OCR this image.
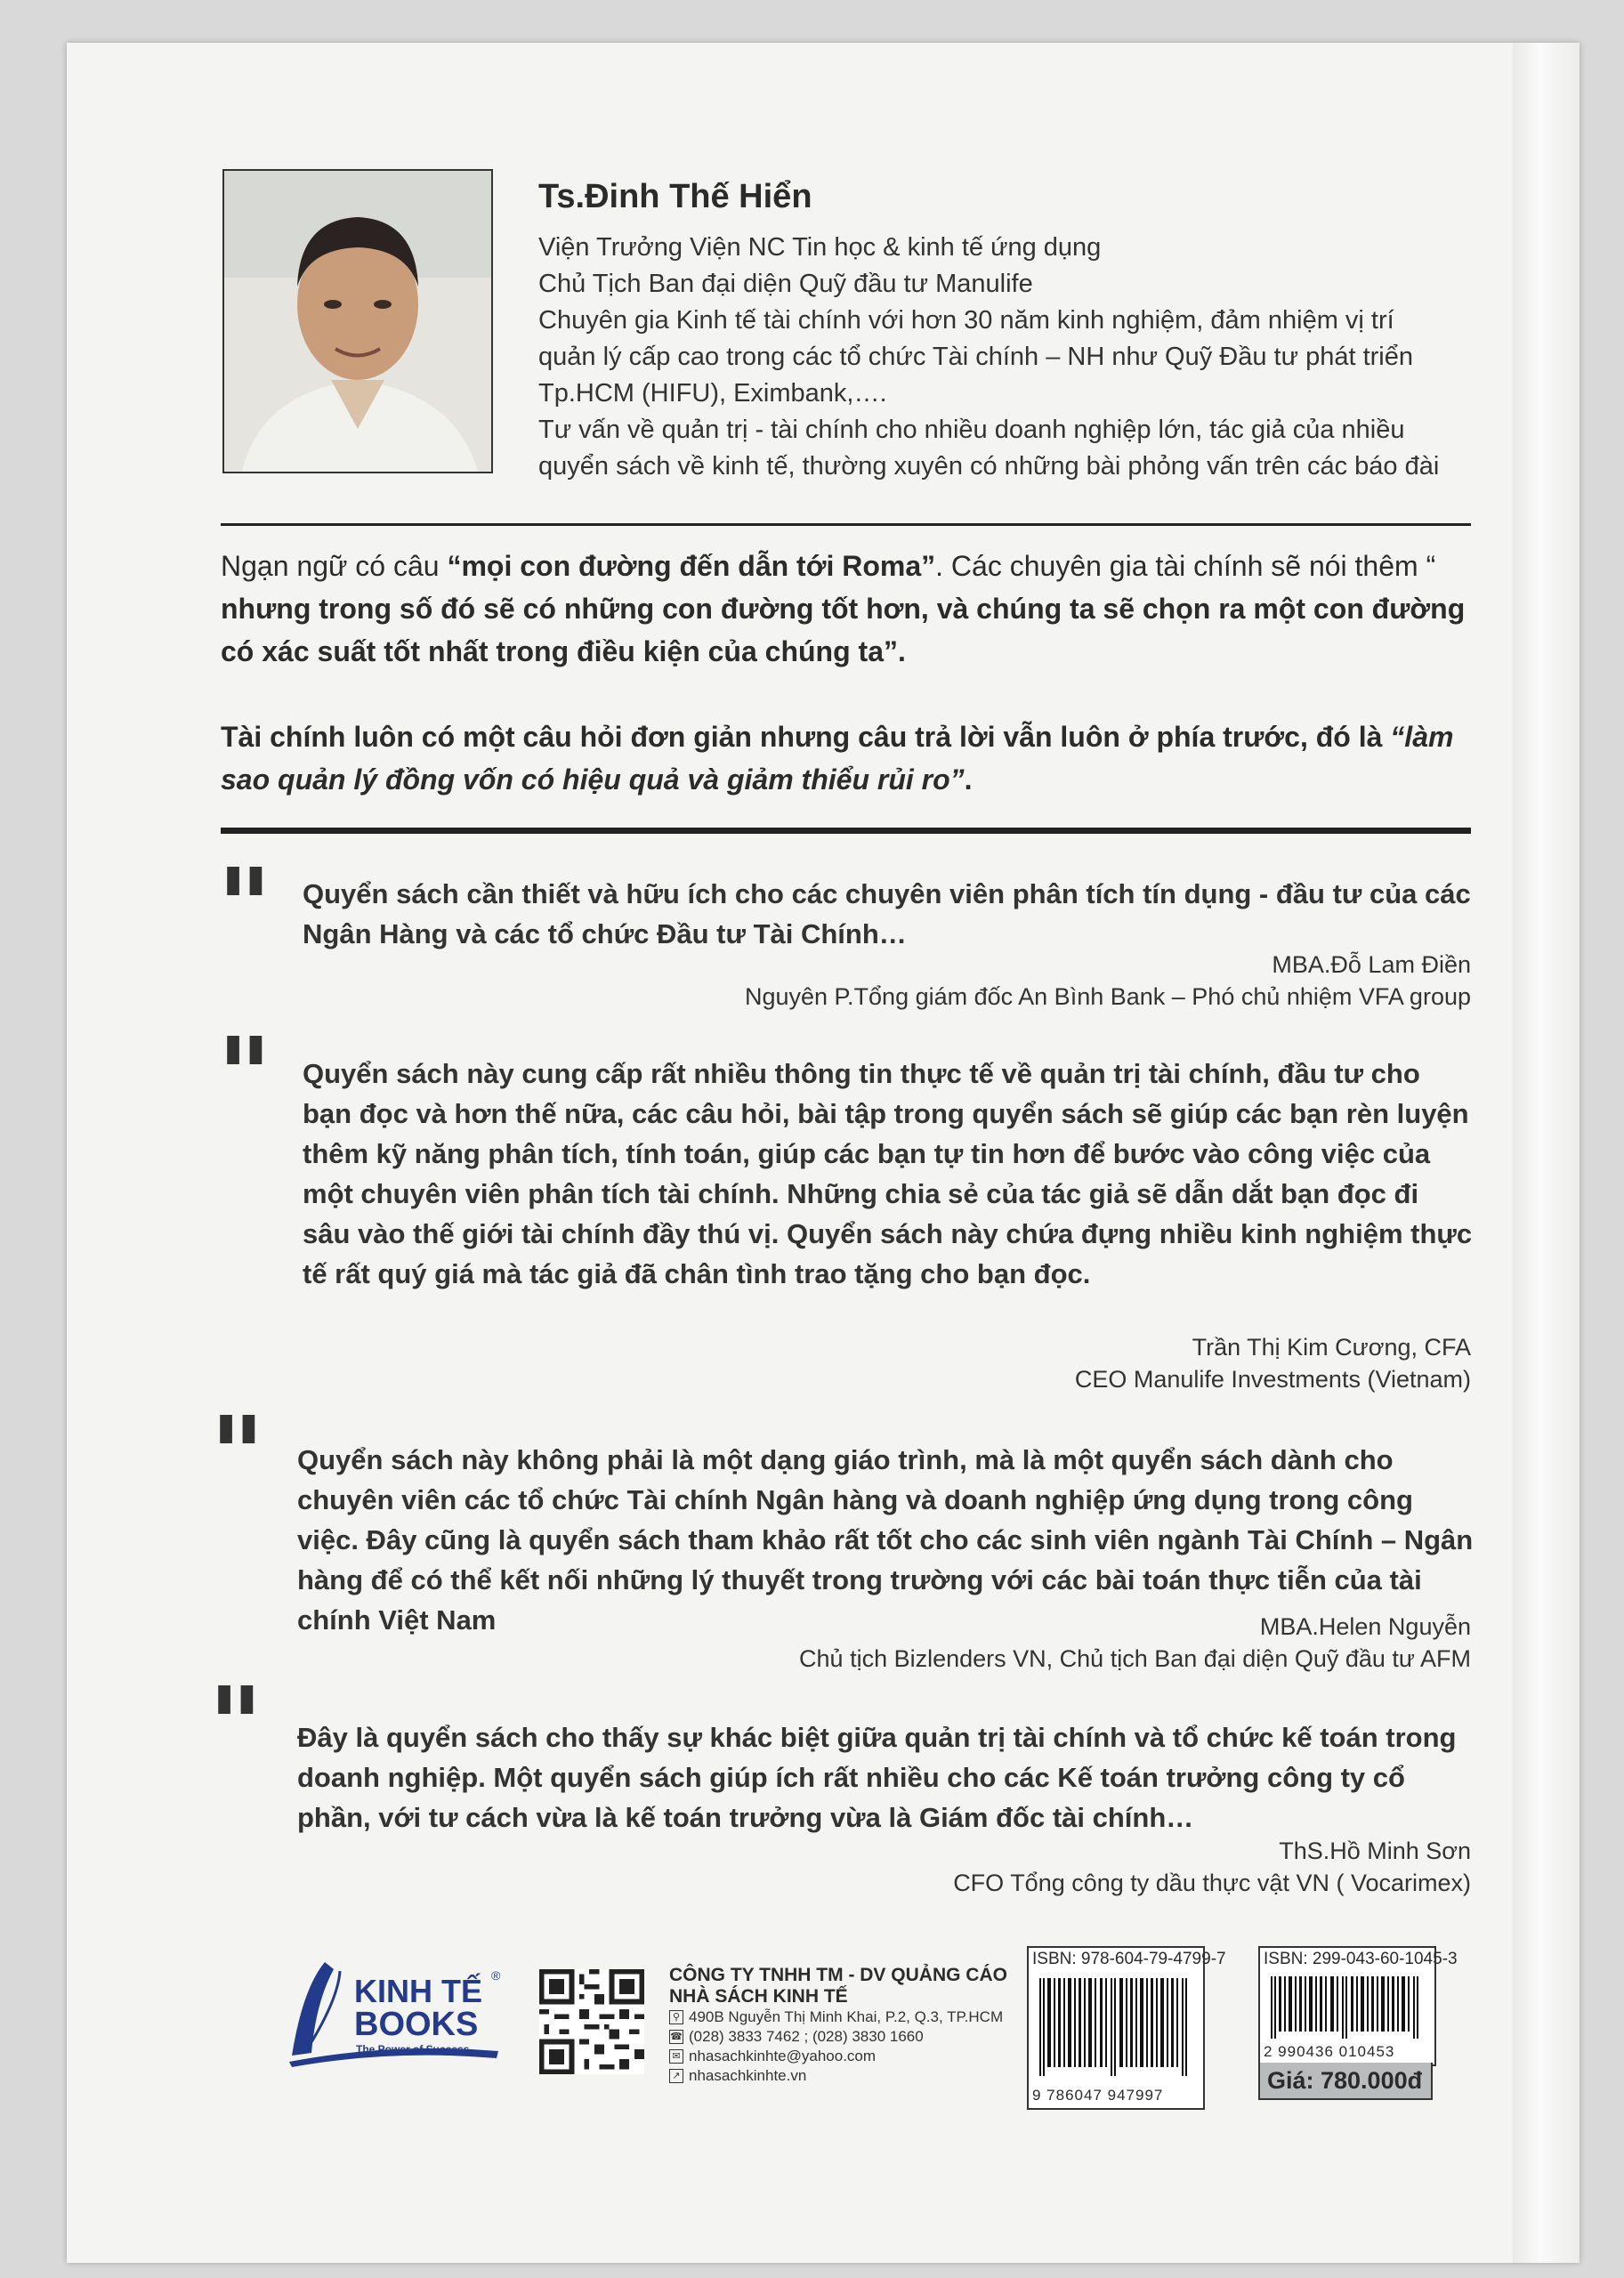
Ts.Đinh Thế Hiển
Viện Trưởng Viện NC Tin học & kinh tế ứng dụng
Chủ Tịch Ban đại diện Quỹ đầu tư Manulife
Chuyên gia Kinh tế tài chính với hơn 30 năm kinh nghiệm, đảm nhiệm vị trí
quản lý cấp cao trong các tổ chức Tài chính – NH như Quỹ Đầu tư phát triển
Tp.HCM (HIFU), Eximbank,….
Tư vấn về quản trị - tài chính cho nhiều doanh nghiệp lớn, tác giả của nhiều
quyển sách về kinh tế, thường xuyên có những bài phỏng vấn trên các báo đài
Ngạn ngữ có câu “mọi con đường đến dẫn tới Roma”. Các chuyên gia tài chính sẽ nói thêm “ nhưng trong số đó sẽ có những con đường tốt hơn, và chúng ta sẽ chọn ra một con đường có xác suất tốt nhất trong điều kiện của chúng ta”.
Tài chính luôn có một câu hỏi đơn giản nhưng câu trả lời vẫn luôn ở phía trước, đó là “làm sao quản lý đồng vốn có hiệu quả và giảm thiểu rủi ro”.
" Quyển sách cần thiết và hữu ích cho các chuyên viên phân tích tín dụng - đầu tư của các Ngân Hàng và các tổ chức Đầu tư Tài Chính…
MBA.Đỗ Lam Điền
Nguyên P.Tổng giám đốc An Bình Bank – Phó chủ nhiệm VFA group
" Quyển sách này cung cấp rất nhiều thông tin thực tế về quản trị tài chính, đầu tư cho bạn đọc và hơn thế nữa, các câu hỏi, bài tập trong quyển sách sẽ giúp các bạn rèn luyện thêm kỹ năng phân tích, tính toán, giúp các bạn tự tin hơn để bước vào công việc của một chuyên viên phân tích tài chính. Những chia sẻ của tác giả sẽ dẫn dắt bạn đọc đi sâu vào thế giới tài chính đầy thú vị. Quyển sách này chứa đựng nhiều kinh nghiệm thực tế rất quý giá mà tác giả đã chân tình trao tặng cho bạn đọc.
Trần Thị Kim Cương, CFA
CEO Manulife Investments (Vietnam)
" Quyển sách này không phải là một dạng giáo trình, mà là một quyển sách dành cho chuyên viên các tổ chức Tài chính Ngân hàng và doanh nghiệp ứng dụng trong công việc. Đây cũng là quyển sách tham khảo rất tốt cho các sinh viên ngành Tài Chính – Ngân hàng để có thể kết nối những lý thuyết trong trường với các bài toán thực tiễn của tài chính Việt Nam	MBA.Helen Nguyễn
Chủ tịch Bizlenders VN, Chủ tịch Ban đại diện Quỹ đầu tư AFM
" Đây là quyển sách cho thấy sự khác biệt giữa quản trị tài chính và tổ chức kế toán trong doanh nghiệp. Một quyển sách giúp ích rất nhiều cho các Kế toán trưởng công ty cổ phần, với tư cách vừa là kế toán trưởng vừa là Giám đốc tài chính…
ThS.Hồ Minh Sơn
CFO Tổng công ty dầu thực vật VN ( Vocarimex)
KINH TẾ ®
BOOKS
The Power of Success
CÔNG TY TNHH TM - DV QUẢNG CÁO
NHÀ SÁCH KINH TẾ
⚲ 490B Nguyễn Thị Minh Khai, P.2, Q.3, TP.HCM
☎ (028) 3833 7462 ; (028) 3830 1660
✉ nhasachkinhte@yahoo.com
↗ nhasachkinhte.vn
ISBN: 978-604-79-4799-7
9 786047 947997
ISBN: 299-043-60-1045-3
2 990436 010453
Giá: 780.000đ
